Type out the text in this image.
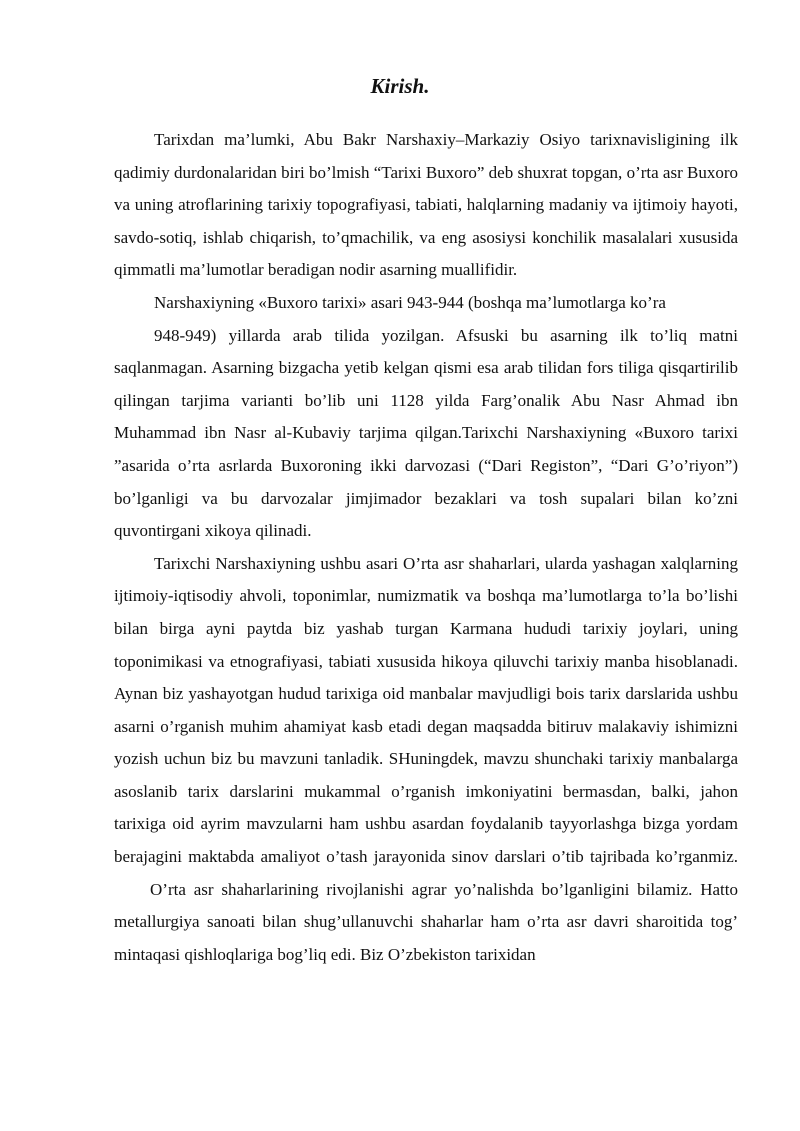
Kirish.

Tarixdan ma’lumki, Abu Bakr Narshaxiy–Markaziy Osiyo tarixnavisligining ilk qadimiy durdonalaridan biri bo’lmish “Tarixi Buxoro” deb shuxrat topgan, o’rta asr Buxoro va uning atroflarining tarixiy topografiyasi, tabiati, halqlarning madaniy va ijtimoiy hayoti, savdo-sotiq, ishlab chiqarish, to’qmachilik, va eng asosiysi konchilik masalalari xususida qimmatli ma’lumotlar beradigan nodir asarning muallifidir.

Narshaxiyning «Buxoro tarixi» asari 943-944 (boshqa ma’lumotlarga ko’ra

948-949) yillarda arab tilida yozilgan. Afsuski bu asarning ilk to’liq matni saqlanmagan. Asarning bizgacha yetib kelgan qismi esa arab tilidan fors tiliga qisqartirilib qilingan tarjima varianti bo’lib uni 1128 yilda Farg’onalik Abu Nasr Ahmad ibn Muhammad ibn Nasr al-Kubaviy tarjima qilgan.Tarixchi Narshaxiyning «Buxoro tarixi ”asarida o’rta asrlarda Buxoroning ikki darvozasi (“Dari Registon”, “Dari G’o’riyon”) bo’lganligi va bu darvozalar jimjimador bezaklari va tosh supalari bilan ko’zni quvontirgani xikoya qilinadi.

Tarixchi Narshaxiyning ushbu asari O’rta asr shaharlari, ularda yashagan xalqlarning ijtimoiy-iqtisodiy ahvoli, toponimlar, numizmatik va boshqa ma’lumotlarga to’la bo’lishi bilan birga ayni paytda biz yashab turgan Karmana hududi tarixiy joylari, uning toponimikasi va etnografiyasi, tabiati xususida hikoya qiluvchi tarixiy manba hisoblanadi. Aynan biz yashayotgan hudud tarixiga oid manbalar mavjudligi bois tarix darslarida ushbu asarni o’rganish muhim ahamiyat kasb etadi degan maqsadda bitiruv malakaviy ishimizni yozish uchun biz bu mavzuni tanladik. SHuningdek, mavzu shunchaki tarixiy manbalarga asoslanib tarix darslarini mukammal o’rganish imkoniyatini bermasdan, balki, jahon tarixiga oid ayrim mavzularni ham ushbu asardan foydalanib tayyorlashga bizga yordam berajagini maktabda amaliyot o’tash jarayonida sinov darslari o’tib tajribada ko’rganmiz.O’rta asr shaharlarining rivojlanishi agrar yo’nalishda bo’lganligini bilamiz. Hatto metallurgiya sanoati bilan shug’ullanuvchi shaharlar ham o’rta asr davri sharoitida tog’ mintaqasi qishloqlariga bog’liq edi. Biz O’zbekiston tarixidan
